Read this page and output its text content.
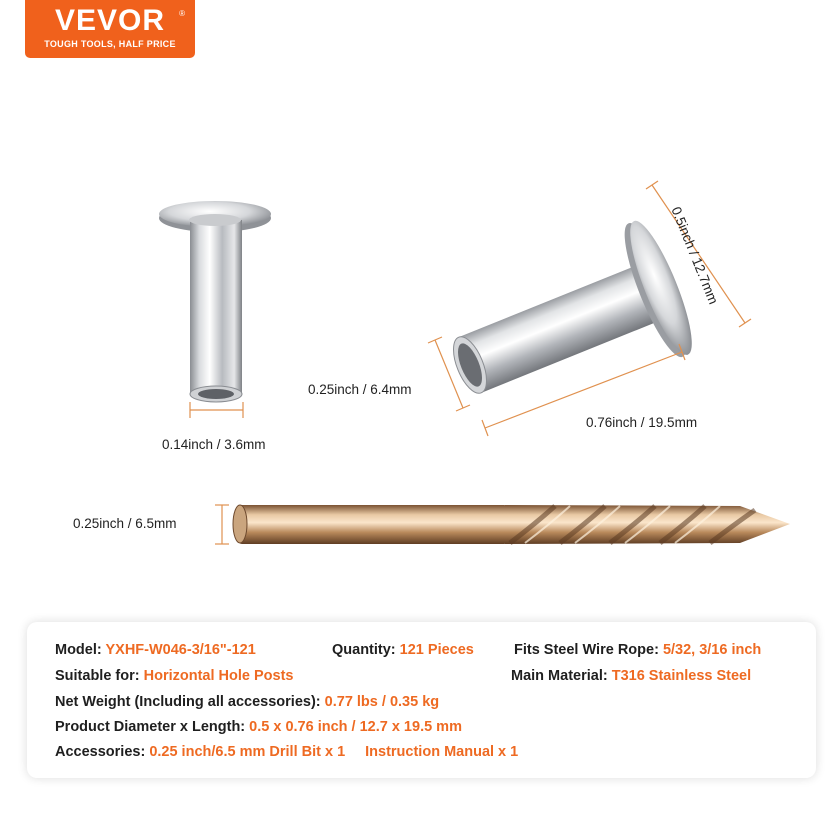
VEVOR	®
TOUGH TOOLS, HALF PRICE
0.14inch / 3.6mm
0.25inch / 6.4mm
0.76inch / 19.5mm
0.5inch / 12.7mm
0.25inch / 6.5mm
Model: YXHF-W046-3/16"-121	Quantity: 121 Pieces	Fits Steel Wire Rope: 5/32, 3/16 inch
Suitable for: Horizontal Hole Posts	Main Material: T316 Stainless Steel
Net Weight (Including all accessories): 0.77 lbs / 0.35 kg
Product Diameter x Length: 0.5 x 0.76 inch / 12.7 x 19.5 mm
Accessories: 0.25 inch/6.5 mm Drill Bit x 1 Instruction Manual x 1
